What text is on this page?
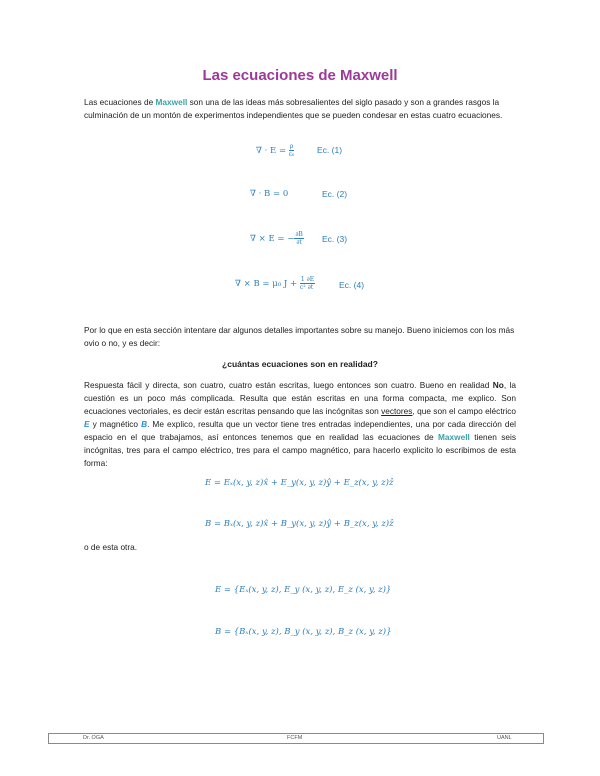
Las ecuaciones de Maxwell
Las ecuaciones de Maxwell son una de las ideas más sobresalientes del siglo pasado y son a grandes rasgos la culminación de un montón de experimentos independientes que se pueden condesar en estas cuatro ecuaciones.
∇ · $E = \frac{\rho}{\text{ε₀}}$	Ec. (1)
∇ · B = 0	Ec. (2)
∇ × E = − $\frac{\partial B}{\partial t} Ec$. (3)
∇ × B = μ₀ $J + \frac{1}{\text{c²}} \frac{\partial E}{\partial t}$	Ec. (4)
Por lo que en esta sección intentare dar algunos detalles importantes sobre su manejo. Bueno iniciemos con los más ovio o no, y es decir:
¿cuántas ecuaciones son en realidad?
Respuesta fácil y directa, son cuatro, cuatro están escritas, luego entonces son cuatro. Bueno en realidad No, la cuestión es un poco más complicada. Resulta que están escritas en una forma compacta, me explico. Son ecuaciones vectoriales, es decir están escritas pensando que las incógnitas son vectores, que son el campo eléctrico E y magnético B. Me explico, resulta que un vector tiene tres entradas independientes, una por cada dirección del espacio en el que trabajamos, así entonces tenemos que en realidad las ecuaciones de Maxwell tienen seis incógnitas, tres para el campo eléctrico, tres para el campo magnético, para hacerlo explicito lo escribimos de esta forma:
E = Eₓ(x, y, z)x̂ + E_y(x, y, z)ŷ + E_z(x, y, z)ẑ
B = Bₓ(x, y, z)x̂ + B_y(x, y, z)ŷ + B_z(x, y, z)ẑ
o de esta otra.
E = {Eₓ(x, y, z), E_y (x, y, z), E_z (x, y, z)}
B = {Bₓ(x, y, z), B_y (x, y, z), B_z (x, y, z)}
Dr. OGA	FCFM	UANL
